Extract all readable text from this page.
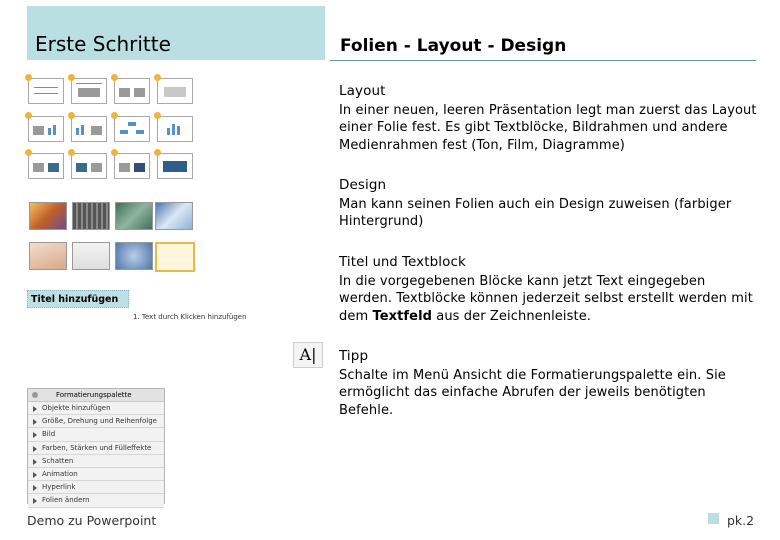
Erste Schritte	Folien - Layout - Design
Titel hinzufügen
1. Text durch Klicken hinzufügen
A|
Formatierungspalette
Objekte hinzufügen
Größe, Drehung und Reihenfolge
Bild
Farben, Stärken und Fülleffekte
Schatten
Animation
Hyperlink
Folien ändern
Layout
In einer neuen, leeren Präsentation legt man zuerst das Layout einer Folie fest. Es gibt Textblöcke, Bildrahmen und andere Medienrahmen fest (Ton, Film, Diagramme)
Design
Man kann seinen Folien auch ein Design zuweisen (farbiger Hintergrund)
Titel und Textblock
In die vorgegebenen Blöcke kann jetzt Text eingegeben werden. Textblöcke können jederzeit selbst erstellt werden mit dem Textfeld aus der Zeichnenleiste.
Tipp
Schalte im Menü Ansicht die Formatierungspalette ein. Sie ermöglicht das einfache Abrufen der jeweils benötigten Befehle.
Demo zu Powerpoint	pk.2
